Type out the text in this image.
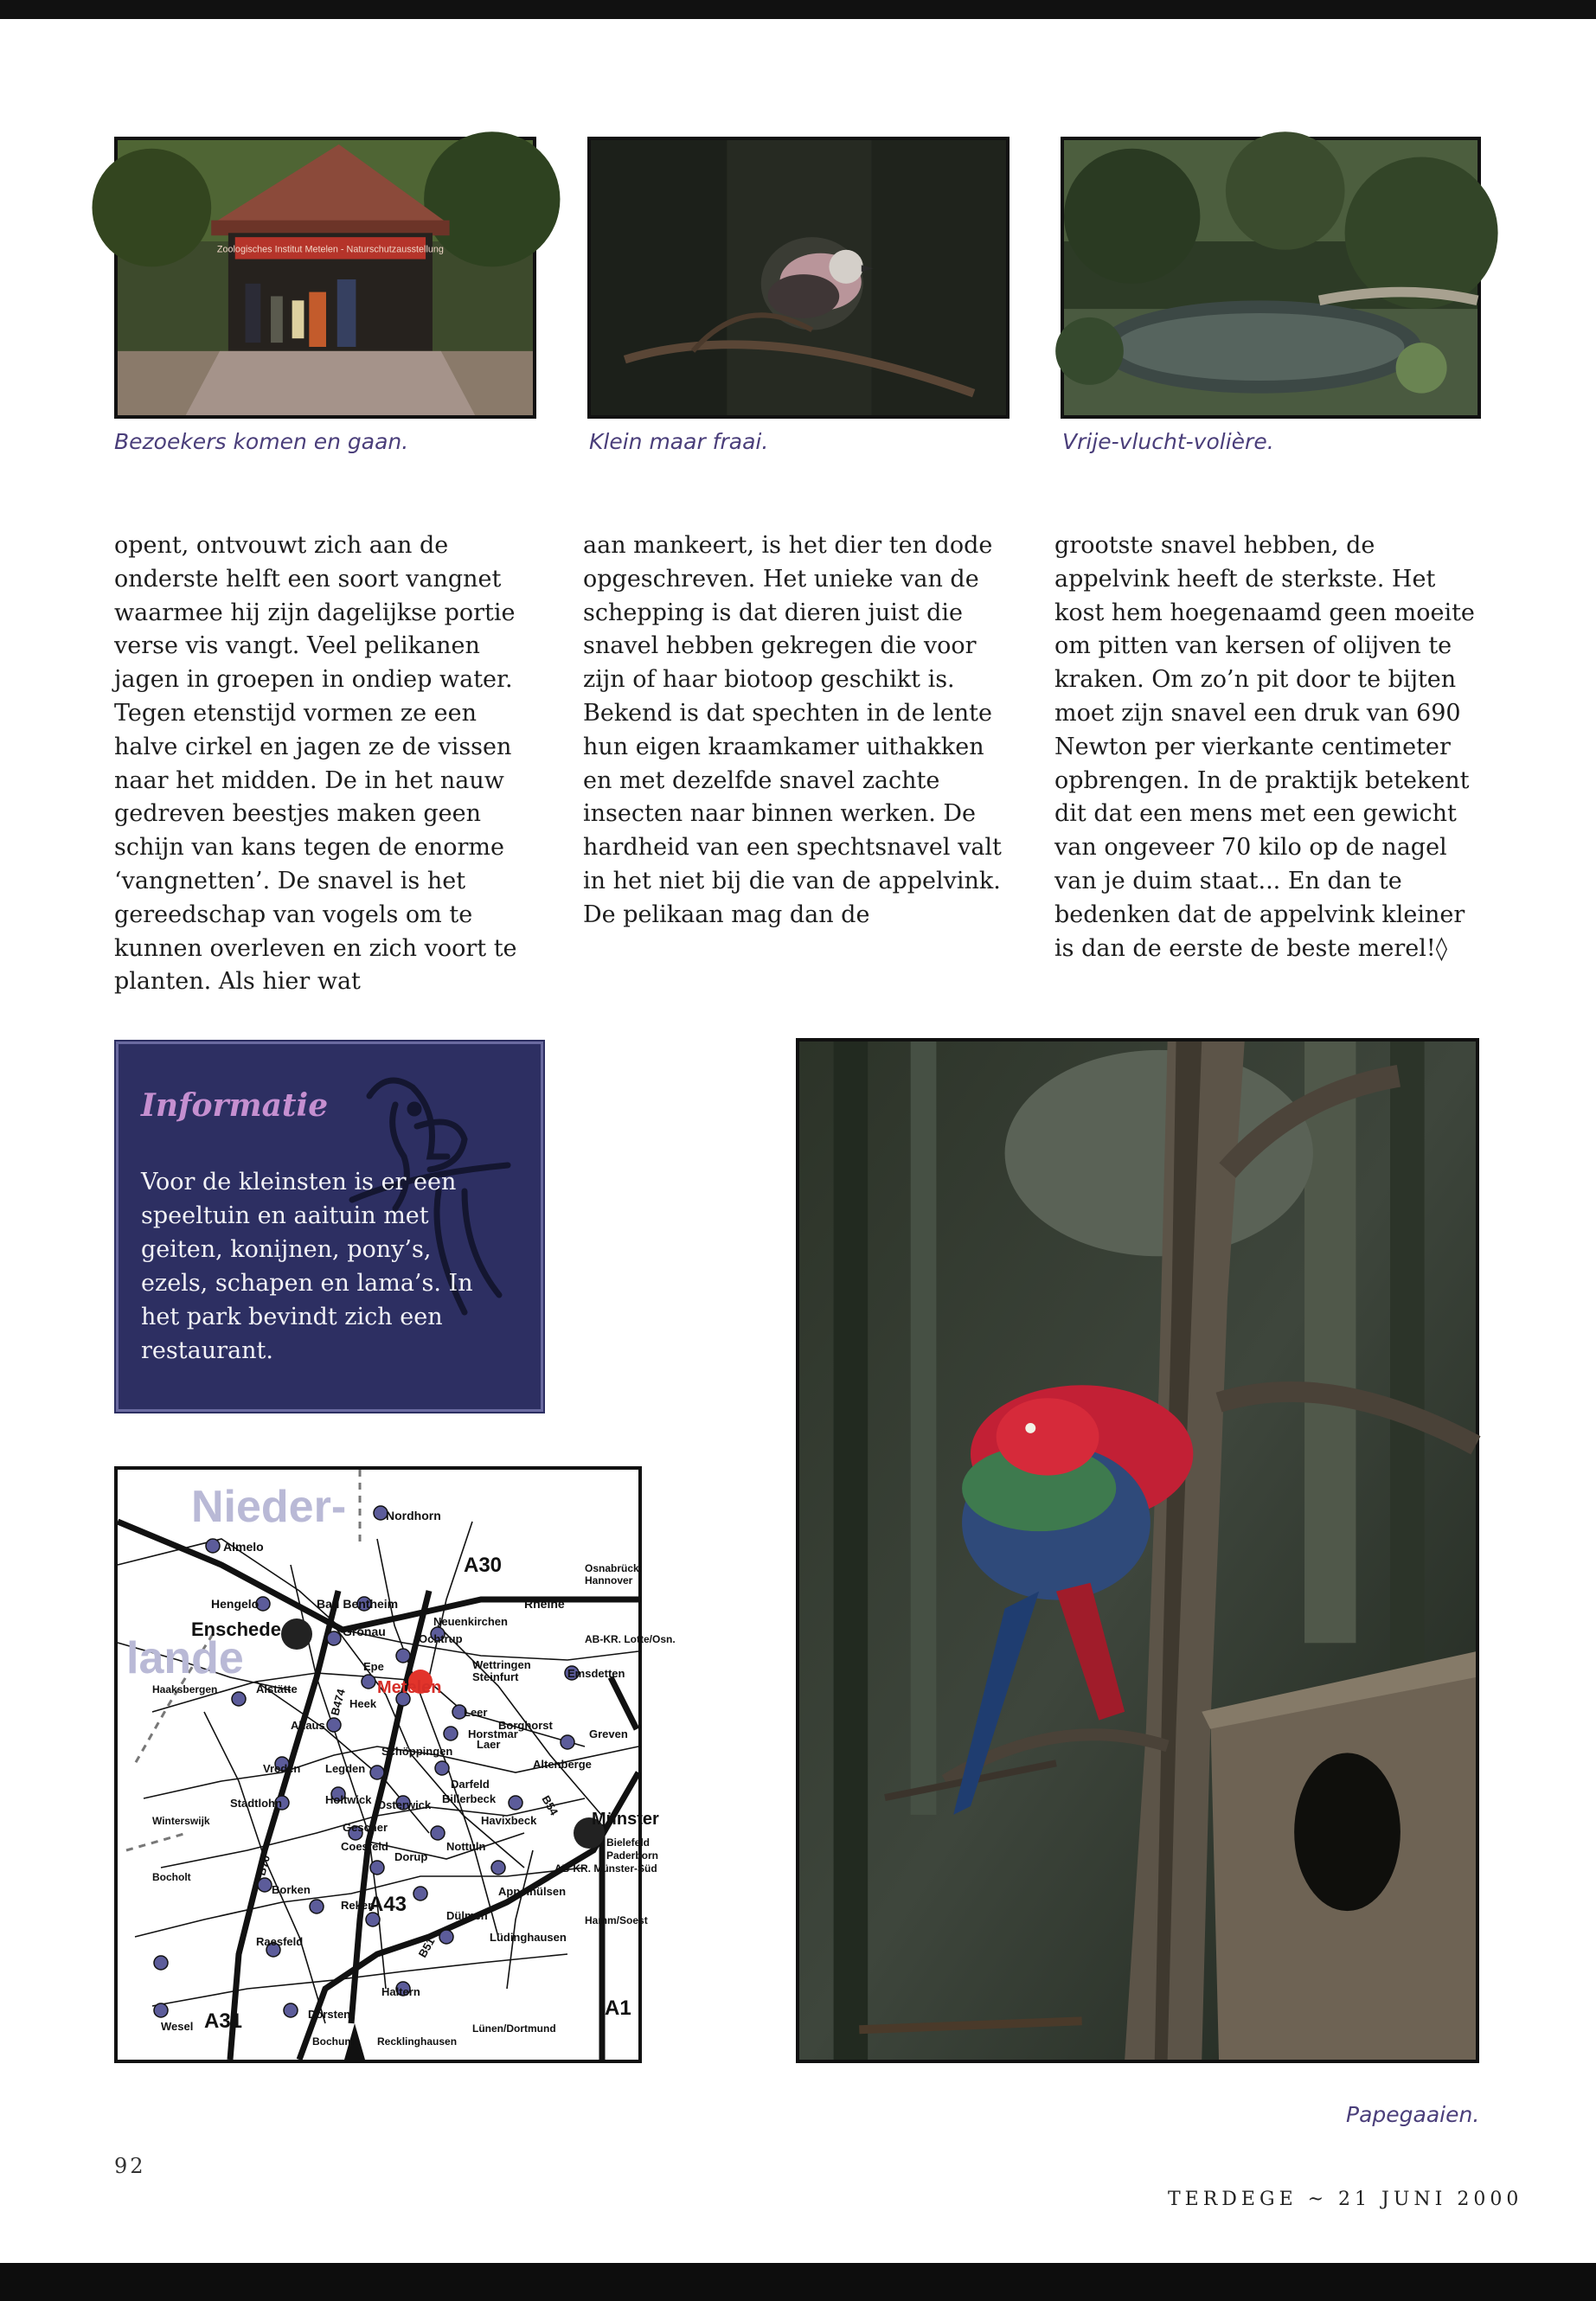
Zoologisches Institut Metelen - Naturschutzausstellung
Bezoekers komen en gaan.	Klein maar fraai.	Vrije-vlucht-volière.

opent, ontvouwt zich aan de onderste helft een soort vangnet waarmee hij zijn dagelijkse portie verse vis vangt. Veel pelikanen jagen in groepen in ondiep water. Tegen etenstijd vormen ze een halve cirkel en jagen ze de vissen naar het midden. De in het nauw gedreven beestjes maken geen schijn van kans tegen de enorme ‘vangnetten’. De snavel is het gereedschap van vogels om te kunnen overleven en zich voort te planten. Als hier wat

aan mankeert, is het dier ten dode opgeschreven. Het unieke van de schepping is dat dieren juist die snavel hebben gekregen die voor zijn of haar biotoop geschikt is. Bekend is dat spechten in de lente hun eigen kraamkamer uithakken en met dezelfde snavel zachte insecten naar binnen werken. De hardheid van een spechtsnavel valt in het niet bij die van de appelvink. De pelikaan mag dan de

grootste snavel hebben, de appelvink heeft de sterkste. Het kost hem hoegenaamd geen moeite om pitten van kersen of olijven te kraken. Om zo’n pit door te bijten moet zijn snavel een druk van 690 Newton per vierkante centimeter opbrengen. In de praktijk betekent dit dat een mens met een gewicht van ongeveer 70 kilo op de nagel van je duim staat... En dan te bedenken dat de appelvink kleiner is dan de eerste de beste merel!◊

Informatie

Voor de kleinsten is er een speeltuin en aaituin met geiten, konijnen, pony’s, ezels, schapen en lama’s. In het park bevindt zich een restaurant.

Nieder-
lande
Nordhorn
Almelo
Osnabrück
Hannover
Hengelo	Bad Bentheim	Rheine
Enschede	Gronau
Neuenkirchen
Ochtrup	AB-KR. Lotte/Osn.
Epe	Wettringen
Steinfurt	Emsdetten
Haaksbergen	Alstätte	Metelen
Heek
Ahaus
Leer
Borghorst
Horstmar	Greven
Vreden
Schöppingen
Laer
Legden	Altenberge
Stadtlohn	Holtwick Osterwick
Darfeld
Billerbeck
Münster
Winterswijk	Gescher
Havixbeck
Coesfeld	Nottuln	Bielefeld
Paderborn
Bocholt
Dorup
AB-KR. Münster-Süd
Borken	Appelhülsen
Reken
Dülmen	Hamm/Soest
Raesfeld	Lüdinghausen
Haltern
Wesel
Dorsten
Lünen/Dortmund
Bochum Recklinghausen
A30
A31
A43
A1
B474
B70
B51
B54
Papegaaien.
92
TERDEGE ~ 21 JUNI 2000
